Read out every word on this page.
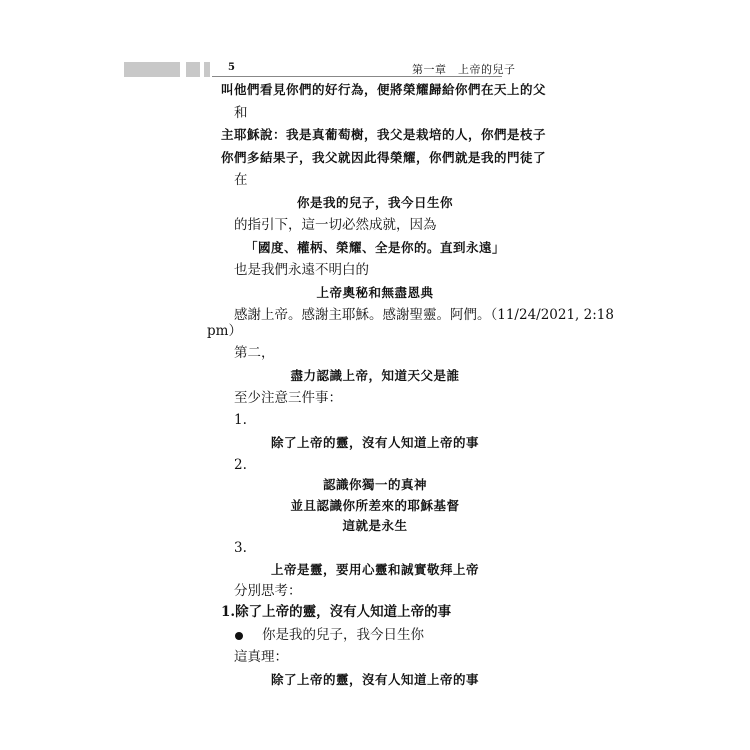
5	第一章　上帝的兒子
叫他們看見你們的好行為，便將榮耀歸給你們在天上的父
和
主耶穌說：我是真葡萄樹，我父是栽培的人，你們是枝子
你們多結果子，我父就因此得榮耀，你們就是我的門徒了
在
你是我的兒子，我今日生你
的指引下，這一切必然成就，因為
「國度、權柄、榮耀、全是你的。直到永遠」
也是我們永遠不明白的
上帝奧秘和無盡恩典
感謝上帝。感謝主耶穌。感謝聖靈。阿們。（11/24/2021, 2:18
pm）
第二，
盡力認識上帝，知道天父是誰
至少注意三件事：
1.
除了上帝的靈，沒有人知道上帝的事
2.
認識你獨一的真神
並且認識你所差來的耶穌基督
這就是永生
3.
上帝是靈，要用心靈和誠實敬拜上帝
分別思考：
1.除了上帝的靈，沒有人知道上帝的事
你是我的兒子，我今日生你
這真理：
除了上帝的靈，沒有人知道上帝的事
